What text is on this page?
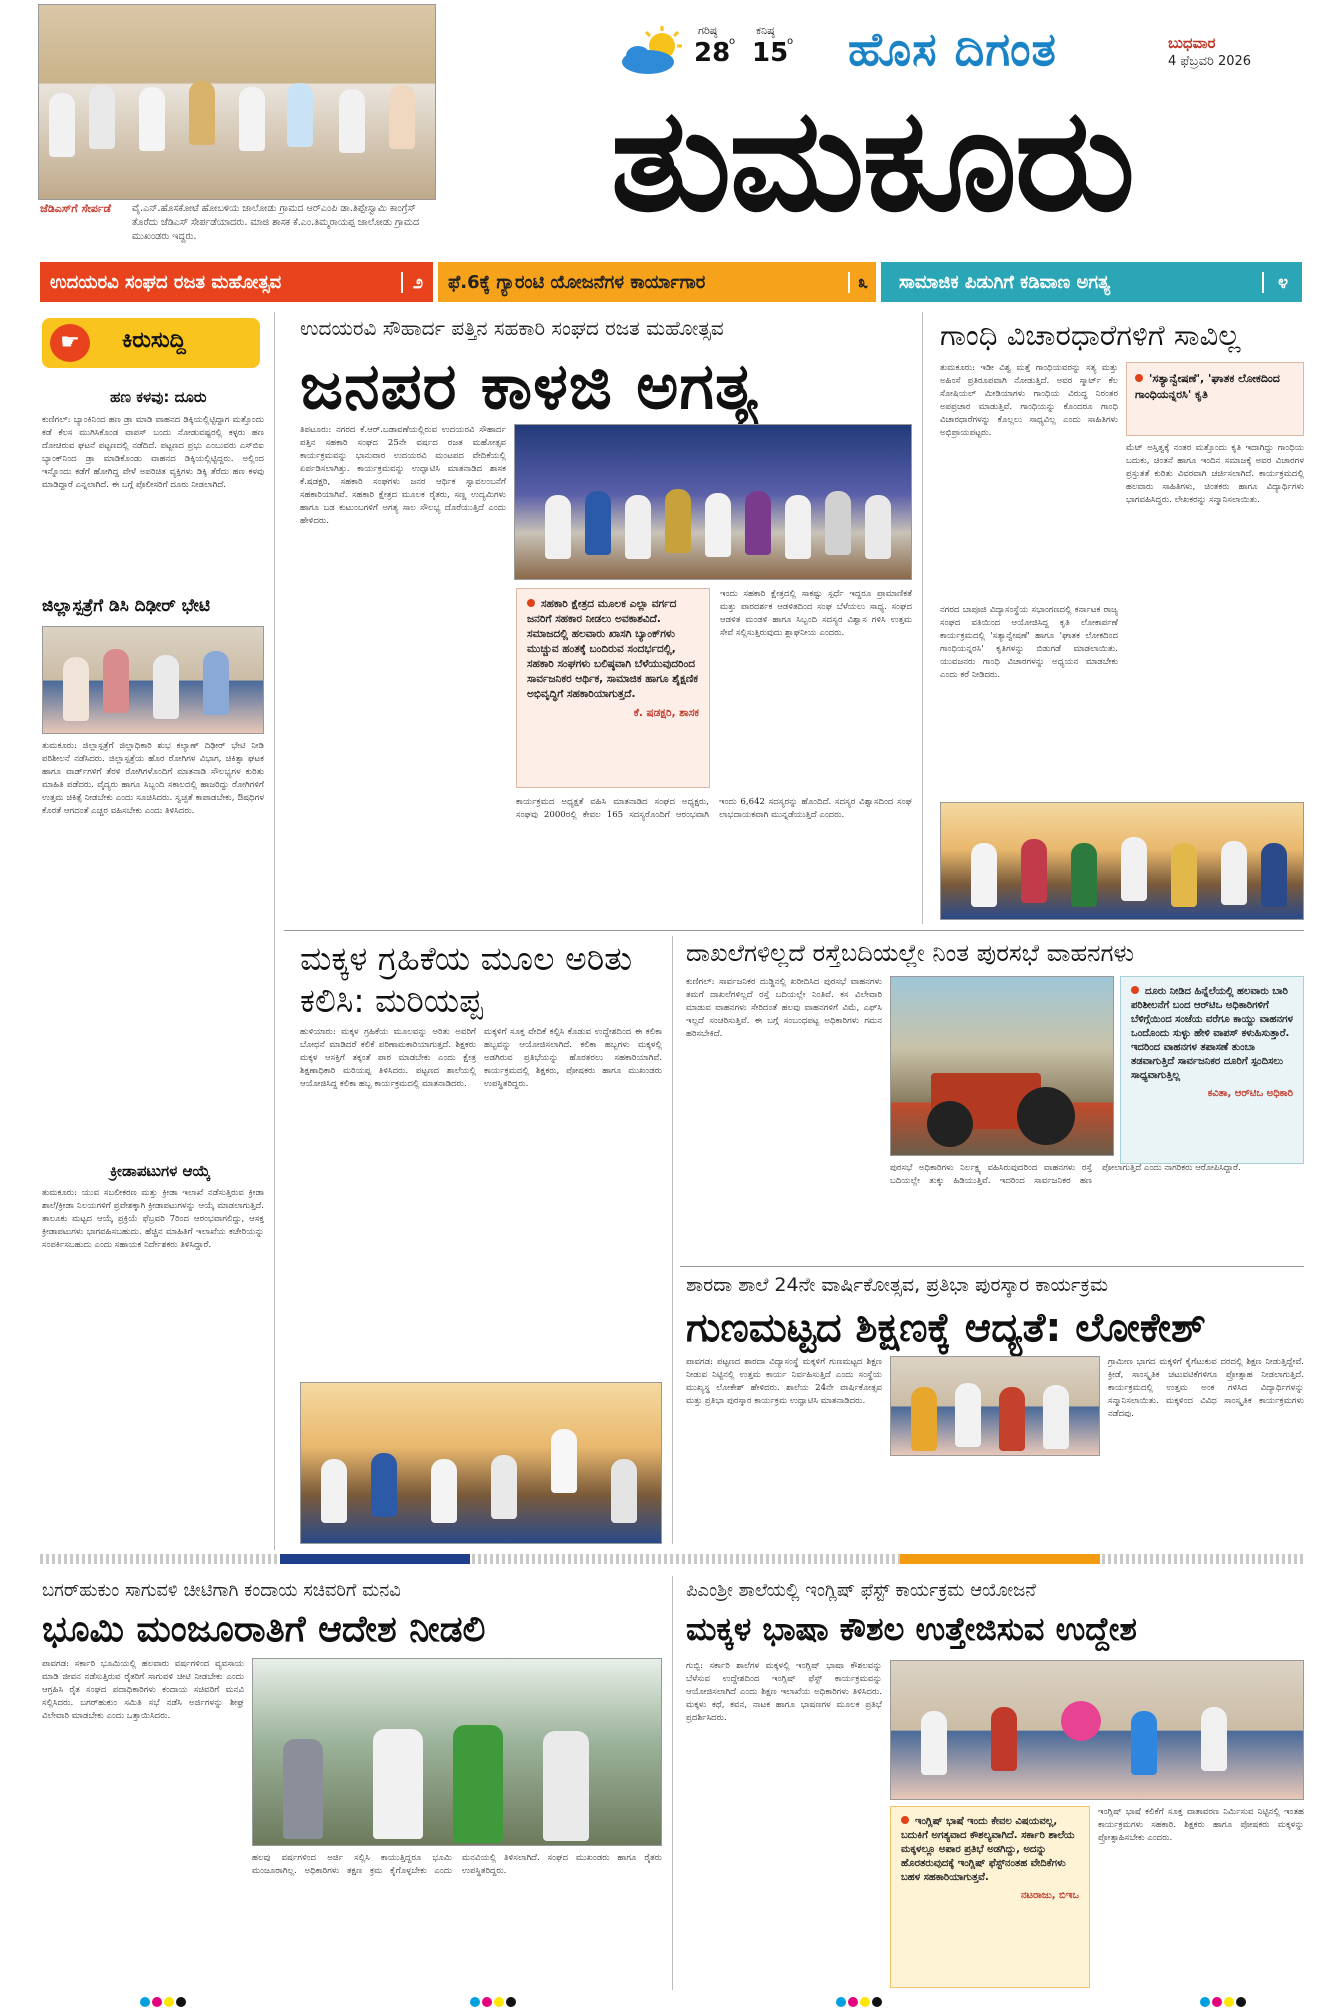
ಜೆಡಿಎಸ್‌ಗೆ ಸೇರ್ಪಡೆ	ವೈ.ಎನ್.ಹೊಸಕೋಟೆ ಹೋಬಳಿಯ ಜಾಲೋಡು ಗ್ರಾಮದ ಆರ್‌ಎಂಪಿ ಡಾ.ತಿಪ್ಪೇಸ್ವಾಮಿ ಕಾಂಗ್ರೆಸ್ ತೊರೆದು ಜೆಡಿಎಸ್ ಸೇರ್ಪಡೆಯಾದರು. ಮಾಜಿ ಶಾಸಕ ಕೆ.ಎಂ.ತಿಮ್ಮರಾಯಪ್ಪ ಜಾಲೋಡು ಗ್ರಾಮದ ಮುಖಂಡರು ಇದ್ದರು.
ಗರಿಷ್ಠ
28
o
ಕನಿಷ್ಠ
15
o ಹೊಸ ದಿಗಂತ	ಬುಧವಾರ
4 ಫೆಬ್ರವರಿ 2026
ತುಮಕೂರು
ಉದಯರವಿ ಸಂಘದ ರಜತ ಮಹೋತ್ಸವ	೨	ಫೆ.6ಕ್ಕೆ ಗ್ಯಾರಂಟಿ ಯೋಜನೆಗಳ ಕಾರ್ಯಾಗಾರ	೩	ಸಾಮಾಜಿಕ ಪಿಡುಗಿಗೆ ಕಡಿವಾಣ ಅಗತ್ಯ	೪
☛	ಕಿರುಸುದ್ದಿ
ಹಣ ಕಳವು: ದೂರು
ಕುಣಿಗಲ್: ಬ್ಯಾಂಕಿನಿಂದ ಹಣ ಡ್ರಾ ಮಾಡಿ ವಾಹನದ ಡಿಕ್ಕಿಯಲ್ಲಿಟ್ಟಿದ್ದಾಗ ಮತ್ತೊಂದು ಕಡೆ ಕೆಲಸ ಮುಗಿಸಿಕೊಂಡ ವಾಪಸ್ ಬಂದು ನೋಡುವಷ್ಟರಲ್ಲಿ ಕಳ್ಳರು ಹಣ ದೋಚಿರುವ ಘಟನೆ ಪಟ್ಟಣದಲ್ಲಿ ನಡೆದಿದೆ. ಪಟ್ಟಣದ ಪ್ರಭು ಎಂಬುವರು ಎಸ್‌ಬಿಐ ಬ್ಯಾಂಕ್‌ನಿಂದ ಡ್ರಾ ಮಾಡಿಕೊಂಡು ವಾಹನದ ಡಿಕ್ಕಿಯಲ್ಲಿಟ್ಟಿದ್ದರು. ಅಲ್ಲಿಂದ ಇನ್ನೊಂದು ಕಡೆಗೆ ಹೋಗಿದ್ದ ವೇಳೆ ಅಪರಿಚಿತ ವ್ಯಕ್ತಿಗಳು ಡಿಕ್ಕಿ ತೆರೆದು ಹಣ ಕಳವು ಮಾಡಿದ್ದಾರೆ ಎನ್ನಲಾಗಿದೆ. ಈ ಬಗ್ಗೆ ಪೊಲೀಸರಿಗೆ ದೂರು ನೀಡಲಾಗಿದೆ.
ಜಿಲ್ಲಾಸ್ಪತ್ರೆಗೆ ಡಿಸಿ ದಿಢೀರ್ ಭೇಟಿ
ತುಮಕೂರು: ಜಿಲ್ಲಾಸ್ಪತ್ರೆಗೆ ಜಿಲ್ಲಾಧಿಕಾರಿ ಶುಭ ಕಲ್ಯಾಣ್ ದಿಢೀರ್ ಭೇಟಿ ನೀಡಿ ಪರಿಶೀಲನೆ ನಡೆಸಿದರು. ಜಿಲ್ಲಾಸ್ಪತ್ರೆಯ ಹೊರ ರೋಗಿಗಳ ವಿಭಾಗ, ಚಿಕಿತ್ಸಾ ಘಟಕ ಹಾಗೂ ವಾರ್ಡ್‌ಗಳಿಗೆ ತೆರಳಿ ರೋಗಿಗಳೊಂದಿಗೆ ಮಾತನಾಡಿ ಸೌಲಭ್ಯಗಳ ಕುರಿತು ಮಾಹಿತಿ ಪಡೆದರು. ವೈದ್ಯರು ಹಾಗೂ ಸಿಬ್ಬಂದಿ ಸಕಾಲದಲ್ಲಿ ಹಾಜರಿದ್ದು ರೋಗಿಗಳಿಗೆ ಉತ್ತಮ ಚಿಕಿತ್ಸೆ ನೀಡಬೇಕು ಎಂದು ಸೂಚಿಸಿದರು. ಸ್ವಚ್ಛತೆ ಕಾಪಾಡಬೇಕು, ಔಷಧಿಗಳ ಕೊರತೆ ಆಗದಂತೆ ಎಚ್ಚರ ವಹಿಸಬೇಕು ಎಂದು ತಿಳಿಸಿದರು.
ಕ್ರೀಡಾಪಟುಗಳ ಆಯ್ಕೆ
ತುಮಕೂರು: ಯುವ ಸಬಲೀಕರಣ ಮತ್ತು ಕ್ರೀಡಾ ಇಲಾಖೆ ನಡೆಸುತ್ತಿರುವ ಕ್ರೀಡಾ ಶಾಲೆ/ಕ್ರೀಡಾ ನಿಲಯಗಳಿಗೆ ಪ್ರವೇಶಕ್ಕಾಗಿ ಕ್ರೀಡಾಪಟುಗಳನ್ನು ಆಯ್ಕೆ ಮಾಡಲಾಗುತ್ತಿದೆ. ತಾಲೂಕು ಮಟ್ಟದ ಆಯ್ಕೆ ಪ್ರಕ್ರಿಯೆ ಫೆಬ್ರವರಿ 7ರಿಂದ ಆರಂಭವಾಗಲಿದ್ದು, ಆಸಕ್ತ ಕ್ರೀಡಾಪಟುಗಳು ಭಾಗವಹಿಸಬಹುದು. ಹೆಚ್ಚಿನ ಮಾಹಿತಿಗೆ ಇಲಾಖೆಯ ಕಚೇರಿಯನ್ನು ಸಂಪರ್ಕಿಸಬಹುದು ಎಂದು ಸಹಾಯಕ ನಿರ್ದೇಶಕರು ತಿಳಿಸಿದ್ದಾರೆ.
ಉದಯರವಿ ಸೌಹಾರ್ದ ಪತ್ತಿನ ಸಹಕಾರಿ ಸಂಘದ ರಜತ ಮಹೋತ್ಸವ
ಜನಪರ ಕಾಳಜಿ ಅಗತ್ಯ
ತಿಪಟೂರು: ನಗರದ ಕೆ.ಆರ್.ಬಡಾವಣೆಯಲ್ಲಿರುವ ಉದಯರವಿ ಸೌಹಾರ್ದ ಪತ್ತಿನ ಸಹಕಾರಿ ಸಂಘದ 25ನೇ ವರ್ಷದ ರಜತ ಮಹೋತ್ಸವ ಕಾರ್ಯಕ್ರಮವನ್ನು ಭಾನುವಾರ ಉದಯರವಿ ಮಂಟಪದ ವೇದಿಕೆಯಲ್ಲಿ ಏರ್ಪಡಿಸಲಾಗಿತ್ತು. ಕಾರ್ಯಕ್ರಮವನ್ನು ಉದ್ಘಾಟಿಸಿ ಮಾತನಾಡಿದ ಶಾಸಕ ಕೆ.ಷಡಕ್ಷರಿ, ಸಹಕಾರಿ ಸಂಘಗಳು ಜನರ ಆರ್ಥಿಕ ಸ್ವಾವಲಂಬನೆಗೆ ಸಹಕಾರಿಯಾಗಿವೆ. ಸಹಕಾರಿ ಕ್ಷೇತ್ರದ ಮೂಲಕ ರೈತರು, ಸಣ್ಣ ಉದ್ಯಮಿಗಳು ಹಾಗೂ ಬಡ ಕುಟುಂಬಗಳಿಗೆ ಅಗತ್ಯ ಸಾಲ ಸೌಲಭ್ಯ ದೊರೆಯುತ್ತಿದೆ ಎಂದು ಹೇಳಿದರು.
ಸಹಕಾರಿ ಕ್ಷೇತ್ರದ ಮೂಲಕ ಎಲ್ಲಾ ವರ್ಗದ ಜನರಿಗೆ ಸಹಕಾರ ನೀಡಲು ಅವಕಾಶವಿದೆ. ಸಮಾಜದಲ್ಲಿ ಹಲವಾರು ಖಾಸಗಿ ಬ್ಯಾಂಕ್‌ಗಳು ಮುಚ್ಚುವ ಹಂತಕ್ಕೆ ಬಂದಿರುವ ಸಂದರ್ಭದಲ್ಲಿ, ಸಹಕಾರಿ ಸಂಘಗಳು ಬಲಿಷ್ಠವಾಗಿ ಬೆಳೆಯುವುದರಿಂದ ಸಾರ್ವಜನಿಕರ ಆರ್ಥಿಕ, ಸಾಮಾಜಿಕ ಹಾಗೂ ಶೈಕ್ಷಣಿಕ ಅಭಿವೃದ್ಧಿಗೆ ಸಹಕಾರಿಯಾಗುತ್ತದೆ.
ಕೆ. ಷಡಕ್ಷರಿ, ಶಾಸಕ
ಇಂದು ಸಹಕಾರಿ ಕ್ಷೇತ್ರದಲ್ಲಿ ಸಾಕಷ್ಟು ಸ್ಪರ್ಧೆ ಇದ್ದರೂ ಪ್ರಾಮಾಣಿಕತೆ ಮತ್ತು ಪಾರದರ್ಶಕ ಆಡಳಿತದಿಂದ ಸಂಘ ಬೆಳೆಯಲು ಸಾಧ್ಯ. ಸಂಘದ ಆಡಳಿತ ಮಂಡಳಿ ಹಾಗೂ ಸಿಬ್ಬಂದಿ ಸದಸ್ಯರ ವಿಶ್ವಾಸ ಗಳಿಸಿ ಉತ್ತಮ ಸೇವೆ ಸಲ್ಲಿಸುತ್ತಿರುವುದು ಶ್ಲಾಘನೀಯ ಎಂದರು.
ಕಾರ್ಯಕ್ರಮದ ಅಧ್ಯಕ್ಷತೆ ವಹಿಸಿ ಮಾತನಾಡಿದ ಸಂಘದ ಅಧ್ಯಕ್ಷರು, ಸಂಘವು 2000ರಲ್ಲಿ ಕೇವಲ 165 ಸದಸ್ಯರೊಂದಿಗೆ ಆರಂಭವಾಗಿ ಇಂದು 6,642 ಸದಸ್ಯರನ್ನು ಹೊಂದಿದೆ. ಸದಸ್ಯರ ವಿಶ್ವಾಸದಿಂದ ಸಂಘ ಲಾಭದಾಯಕವಾಗಿ ಮುನ್ನಡೆಯುತ್ತಿದೆ ಎಂದರು.
ಗಾಂಧಿ ವಿಚಾರಧಾರೆಗಳಿಗೆ ಸಾವಿಲ್ಲ
ತುಮಕೂರು: ಇಡೀ ವಿಶ್ವ ಮತ್ತೆ ಗಾಂಧಿಯವರನ್ನು ಸತ್ಯ ಮತ್ತು ಅಹಿಂಸೆ ಪ್ರತಿರೂಪವಾಗಿ ನೋಡುತ್ತಿದೆ. ಅವರ ಸ್ಮಾರ್ಟ್‌ ಕೆಲ ಸೋಷಿಯಲ್ ಮೀಡಿಯಾಗಳು ಗಾಂಧಿಯ ವಿರುದ್ಧ ನಿರಂತರ ಅಪಪ್ರಚಾರ ಮಾಡುತ್ತಿವೆ. ಗಾಂಧಿಯನ್ನು ಕೊಂದರೂ ಗಾಂಧಿ ವಿಚಾರಧಾರೆಗಳನ್ನು ಕೊಲ್ಲಲು ಸಾಧ್ಯವಿಲ್ಲ ಎಂದು ಸಾಹಿತಿಗಳು ಅಭಿಪ್ರಾಯಪಟ್ಟರು.
'ಸತ್ಯಾನ್ವೇಷಣೆ', 'ಘಾತಕ ಲೋಕದಿಂದ ಗಾಂಧಿಯನ್ನರಸಿ' ಕೃತಿ
ಮೆಟ್ ಅಸ್ತಿತ್ವಕ್ಕೆ ನಂತರ ಮತ್ತೊಂದು ಕೃತಿ ಇದಾಗಿದ್ದು ಗಾಂಧಿಯ ಬದುಕು, ಚಿಂತನೆ ಹಾಗೂ ಇಂದಿನ ಸಮಾಜಕ್ಕೆ ಅವರ ವಿಚಾರಗಳ ಪ್ರಸ್ತುತತೆ ಕುರಿತು ವಿವರವಾಗಿ ಚರ್ಚಿಸಲಾಗಿದೆ. ಕಾರ್ಯಕ್ರಮದಲ್ಲಿ ಹಲವಾರು ಸಾಹಿತಿಗಳು, ಚಿಂತಕರು ಹಾಗೂ ವಿದ್ಯಾರ್ಥಿಗಳು ಭಾಗವಹಿಸಿದ್ದರು. ಲೇಖಕರನ್ನು ಸನ್ಮಾನಿಸಲಾಯಿತು.
ನಗರದ ಬಾಪೂಜಿ ವಿದ್ಯಾಸಂಸ್ಥೆಯ ಸಭಾಂಗಣದಲ್ಲಿ ಕರ್ನಾಟಕ ರಾಜ್ಯ ಸಂಘದ ವತಿಯಿಂದ ಆಯೋಜಿಸಿದ್ದ ಕೃತಿ ಲೋಕಾರ್ಪಣೆ ಕಾರ್ಯಕ್ರಮದಲ್ಲಿ 'ಸತ್ಯಾನ್ವೇಷಣೆ' ಹಾಗೂ 'ಘಾತಕ ಲೋಕದಿಂದ ಗಾಂಧಿಯನ್ನರಸಿ' ಕೃತಿಗಳನ್ನು ಬಿಡುಗಡೆ ಮಾಡಲಾಯಿತು. ಯುವಜನರು ಗಾಂಧಿ ವಿಚಾರಗಳನ್ನು ಅಧ್ಯಯನ ಮಾಡಬೇಕು ಎಂದು ಕರೆ ನೀಡಿದರು.
ಮಕ್ಕಳ ಗ್ರಹಿಕೆಯ ಮೂಲ ಅರಿತು ಕಲಿಸಿ: ಮರಿಯಪ್ಪ
ಹುಳಿಯಾರು: ಮಕ್ಕಳ ಗ್ರಹಿಕೆಯ ಮೂಲವನ್ನು ಅರಿತು ಅವರಿಗೆ ಬೋಧನೆ ಮಾಡಿದರೆ ಕಲಿಕೆ ಪರಿಣಾಮಕಾರಿಯಾಗುತ್ತದೆ. ಶಿಕ್ಷಕರು ಮಕ್ಕಳ ಆಸಕ್ತಿಗೆ ತಕ್ಕಂತೆ ಪಾಠ ಮಾಡಬೇಕು ಎಂದು ಕ್ಷೇತ್ರ ಶಿಕ್ಷಣಾಧಿಕಾರಿ ಮರಿಯಪ್ಪ ತಿಳಿಸಿದರು. ಪಟ್ಟಣದ ಶಾಲೆಯಲ್ಲಿ ಆಯೋಜಿಸಿದ್ದ ಕಲಿಕಾ ಹಬ್ಬ ಕಾರ್ಯಕ್ರಮದಲ್ಲಿ ಮಾತನಾಡಿದರು.
ಮಕ್ಕಳಿಗೆ ಸೂಕ್ತ ವೇದಿಕೆ ಕಲ್ಪಿಸಿ ಕೊಡುವ ಉದ್ದೇಶದಿಂದ ಈ ಕಲಿಕಾ ಹಬ್ಬವನ್ನು ಆಯೋಜಿಸಲಾಗಿದೆ. ಕಲಿಕಾ ಹಬ್ಬಗಳು ಮಕ್ಕಳಲ್ಲಿ ಅಡಗಿರುವ ಪ್ರತಿಭೆಯನ್ನು ಹೊರತರಲು ಸಹಕಾರಿಯಾಗಿವೆ. ಕಾರ್ಯಕ್ರಮದಲ್ಲಿ ಶಿಕ್ಷಕರು, ಪೋಷಕರು ಹಾಗೂ ಮುಖಂಡರು ಉಪಸ್ಥಿತರಿದ್ದರು.
ದಾಖಲೆಗಳಿಲ್ಲದೆ ರಸ್ತೆಬದಿಯಲ್ಲೇ ನಿಂತ ಪುರಸಭೆ ವಾಹನಗಳು
ಕುಣಿಗಲ್: ಸಾರ್ವಜನಿಕರ ದುಡ್ಡಿನಲ್ಲಿ ಖರೀದಿಸಿದ ಪುರಸಭೆ ವಾಹನಗಳು ತಮಗೆ ದಾಖಲೆಗಳಿಲ್ಲದೆ ರಸ್ತೆ ಬದಿಯಲ್ಲೇ ನಿಂತಿವೆ. ಕಸ ವಿಲೇವಾರಿ ಮಾಡುವ ವಾಹನಗಳು ಸೇರಿದಂತೆ ಹಲವು ವಾಹನಗಳಿಗೆ ವಿಮೆ, ಎಫ್‌ಸಿ ಇಲ್ಲದೆ ಸಂಚರಿಸುತ್ತಿವೆ. ಈ ಬಗ್ಗೆ ಸಂಬಂಧಪಟ್ಟ ಅಧಿಕಾರಿಗಳು ಗಮನ ಹರಿಸಬೇಕಿದೆ.
ದೂರು ನೀಡಿದ ಹಿನ್ನೆಲೆಯಲ್ಲಿ ಹಲವಾರು ಬಾರಿ ಪರಿಶೀಲನೆಗೆ ಬಂದ ಆರ್‌ಟಿಒ ಅಧಿಕಾರಿಗಳಿಗೆ ಬೆಳಿಗ್ಗೆಯಿಂದ ಸಂಜೆಯ ವರೆಗೂ ಕಾಯ್ದು ವಾಹನಗಳ ಒಂದೊಂದು ಸುಳ್ಳು ಹೇಳಿ ವಾಪಸ್ ಕಳುಹಿಸುತ್ತಾರೆ. ಇದರಿಂದ ವಾಹನಗಳ ತಪಾಸಣೆ ತುಂಬಾ ತಡವಾಗುತ್ತಿದೆ ಸಾರ್ವಜನಿಕರ ದೂರಿಗೆ ಸ್ಪಂದಿಸಲು ಸಾಧ್ಯವಾಗುತ್ತಿಲ್ಲ
ಕವಿತಾ, ಆರ್‌ಟಿಒ ಅಧಿಕಾರಿ
ಪುರಸಭೆ ಅಧಿಕಾರಿಗಳು ನಿರ್ಲಕ್ಷ್ಯ ವಹಿಸಿರುವುದರಿಂದ ವಾಹನಗಳು ರಸ್ತೆ ಬದಿಯಲ್ಲೇ ತುಕ್ಕು ಹಿಡಿಯುತ್ತಿವೆ. ಇದರಿಂದ ಸಾರ್ವಜನಿಕರ ಹಣ ಪೋಲಾಗುತ್ತಿದೆ ಎಂದು ನಾಗರಿಕರು ಆರೋಪಿಸಿದ್ದಾರೆ.
ಶಾರದಾ ಶಾಲೆ 24ನೇ ವಾರ್ಷಿಕೋತ್ಸವ, ಪ್ರತಿಭಾ ಪುರಸ್ಕಾರ ಕಾರ್ಯಕ್ರಮ
ಗುಣಮಟ್ಟದ ಶಿಕ್ಷಣಕ್ಕೆ ಆದ್ಯತೆ: ಲೋಕೇಶ್
ಪಾವಗಡ: ಪಟ್ಟಣದ ಶಾರದಾ ವಿದ್ಯಾಸಂಸ್ಥೆ ಮಕ್ಕಳಿಗೆ ಗುಣಮಟ್ಟದ ಶಿಕ್ಷಣ ನೀಡುವ ನಿಟ್ಟಿನಲ್ಲಿ ಉತ್ತಮ ಕಾರ್ಯ ನಿರ್ವಹಿಸುತ್ತಿದೆ ಎಂದು ಸಂಸ್ಥೆಯ ಮುಖ್ಯಸ್ಥ ಲೋಕೇಶ್ ಹೇಳಿದರು. ಶಾಲೆಯ 24ನೇ ವಾರ್ಷಿಕೋತ್ಸವ ಮತ್ತು ಪ್ರತಿಭಾ ಪುರಸ್ಕಾರ ಕಾರ್ಯಕ್ರಮ ಉದ್ಘಾಟಿಸಿ ಮಾತನಾಡಿದರು.
ಗ್ರಾಮೀಣ ಭಾಗದ ಮಕ್ಕಳಿಗೆ ಕೈಗೆಟುಕುವ ದರದಲ್ಲಿ ಶಿಕ್ಷಣ ನೀಡುತ್ತಿದ್ದೇವೆ. ಕ್ರೀಡೆ, ಸಾಂಸ್ಕೃತಿಕ ಚಟುವಟಿಕೆಗಳಿಗೂ ಪ್ರೋತ್ಸಾಹ ನೀಡಲಾಗುತ್ತಿದೆ. ಕಾರ್ಯಕ್ರಮದಲ್ಲಿ ಉತ್ತಮ ಅಂಕ ಗಳಿಸಿದ ವಿದ್ಯಾರ್ಥಿಗಳನ್ನು ಸನ್ಮಾನಿಸಲಾಯಿತು. ಮಕ್ಕಳಿಂದ ವಿವಿಧ ಸಾಂಸ್ಕೃತಿಕ ಕಾರ್ಯಕ್ರಮಗಳು ನಡೆದವು.
ಬಗರ್‌ಹುಕುಂ ಸಾಗುವಳಿ ಚೀಟಿಗಾಗಿ ಕಂದಾಯ ಸಚಿವರಿಗೆ ಮನವಿ
ಭೂಮಿ ಮಂಜೂರಾತಿಗೆ ಆದೇಶ ನೀಡಲಿ
ಪಾವಗಡ: ಸರ್ಕಾರಿ ಭೂಮಿಯಲ್ಲಿ ಹಲವಾರು ವರ್ಷಗಳಿಂದ ವ್ಯವಸಾಯ ಮಾಡಿ ಜೀವನ ನಡೆಸುತ್ತಿರುವ ರೈತರಿಗೆ ಸಾಗುವಳಿ ಚೀಟಿ ನೀಡಬೇಕು ಎಂದು ಆಗ್ರಹಿಸಿ ರೈತ ಸಂಘದ ಪದಾಧಿಕಾರಿಗಳು ಕಂದಾಯ ಸಚಿವರಿಗೆ ಮನವಿ ಸಲ್ಲಿಸಿದರು. ಬಗರ್‌ಹುಕುಂ ಸಮಿತಿ ಸಭೆ ನಡೆಸಿ ಅರ್ಜಿಗಳನ್ನು ಶೀಘ್ರ ವಿಲೇವಾರಿ ಮಾಡಬೇಕು ಎಂದು ಒತ್ತಾಯಿಸಿದರು.
ಹಲವು ವರ್ಷಗಳಿಂದ ಅರ್ಜಿ ಸಲ್ಲಿಸಿ ಕಾಯುತ್ತಿದ್ದರೂ ಭೂಮಿ ಮಂಜೂರಾಗಿಲ್ಲ. ಅಧಿಕಾರಿಗಳು ತಕ್ಷಣ ಕ್ರಮ ಕೈಗೊಳ್ಳಬೇಕು ಎಂದು ಮನವಿಯಲ್ಲಿ ತಿಳಿಸಲಾಗಿದೆ. ಸಂಘದ ಮುಖಂಡರು ಹಾಗೂ ರೈತರು ಉಪಸ್ಥಿತರಿದ್ದರು.
ಪಿಎಂಶ್ರೀ ಶಾಲೆಯಲ್ಲಿ ಇಂಗ್ಲಿಷ್ ಫೆಸ್ಟ್ ಕಾರ್ಯಕ್ರಮ ಆಯೋಜನೆ
ಮಕ್ಕಳ ಭಾಷಾ ಕೌಶಲ ಉತ್ತೇಜಿಸುವ ಉದ್ದೇಶ
ಗುಬ್ಬಿ: ಸರ್ಕಾರಿ ಶಾಲೆಗಳ ಮಕ್ಕಳಲ್ಲಿ ಇಂಗ್ಲಿಷ್ ಭಾಷಾ ಕೌಶಲವನ್ನು ಬೆಳೆಸುವ ಉದ್ದೇಶದಿಂದ ಇಂಗ್ಲಿಷ್ ಫೆಸ್ಟ್ ಕಾರ್ಯಕ್ರಮವನ್ನು ಆಯೋಜಿಸಲಾಗಿದೆ ಎಂದು ಶಿಕ್ಷಣ ಇಲಾಖೆಯ ಅಧಿಕಾರಿಗಳು ತಿಳಿಸಿದರು. ಮಕ್ಕಳು ಕಥೆ, ಕವನ, ನಾಟಕ ಹಾಗೂ ಭಾಷಣಗಳ ಮೂಲಕ ಪ್ರತಿಭೆ ಪ್ರದರ್ಶಿಸಿದರು.
ಇಂಗ್ಲಿಷ್ ಭಾಷೆ ಇಂದು ಕೇವಲ ವಿಷಯವಲ್ಲ, ಬದುಕಿಗೆ ಅಗತ್ಯವಾದ ಕೌಶಲ್ಯವಾಗಿದೆ. ಸರ್ಕಾರಿ ಶಾಲೆಯ ಮಕ್ಕಳಲ್ಲೂ ಅಪಾರ ಪ್ರತಿಭೆ ಅಡಗಿದ್ದು, ಅದನ್ನು ಹೊರತರುವುದಕ್ಕೆ ಇಂಗ್ಲಿಷ್ ಫೆಸ್ಟ್‌ನಂತಹ ವೇದಿಕೆಗಳು ಬಹಳ ಸಹಕಾರಿಯಾಗುತ್ತವೆ.
ನಟರಾಜು, ಬಿಇಒ
ಇಂಗ್ಲಿಷ್ ಭಾಷೆ ಕಲಿಕೆಗೆ ಸೂಕ್ತ ವಾತಾವರಣ ನಿರ್ಮಿಸುವ ನಿಟ್ಟಿನಲ್ಲಿ ಇಂತಹ ಕಾರ್ಯಕ್ರಮಗಳು ಸಹಕಾರಿ. ಶಿಕ್ಷಕರು ಹಾಗೂ ಪೋಷಕರು ಮಕ್ಕಳನ್ನು ಪ್ರೋತ್ಸಾಹಿಸಬೇಕು ಎಂದರು.
